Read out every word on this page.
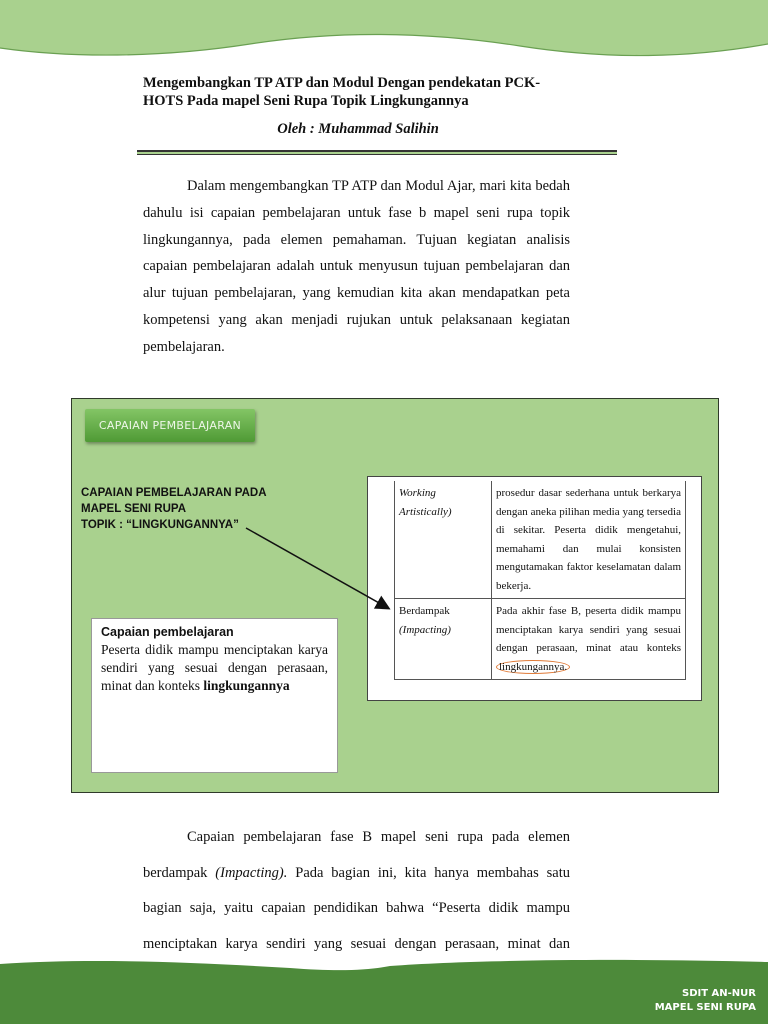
Mengembangkan TP ATP dan Modul Dengan pendekatan PCK-HOTS Pada mapel Seni Rupa Topik Lingkungannya

Oleh : Muhammad Salihin

Dalam mengembangkan TP ATP dan Modul Ajar, mari kita bedah dahulu isi capaian pembelajaran untuk fase b mapel seni rupa topik lingkungannya, pada elemen pemahaman. Tujuan kegiatan analisis capaian pembelajaran adalah untuk menyusun tujuan pembelajaran dan alur tujuan pembelajaran, yang kemudian kita akan mendapatkan peta kompetensi yang akan menjadi rujukan untuk pelaksanaan kegiatan pembelajaran.

CAPAIAN PEMBELAJARAN

CAPAIAN PEMBELAJARAN PADA
MAPEL SENI RUPA
TOPIK : “LINGKUNGANNYA”

Working Artistically)	prosedur dasar sederhana untuk berkarya dengan aneka pilihan media yang tersedia di sekitar. Peserta didik mengetahui, memahami dan mulai konsisten mengutamakan faktor keselamatan dalam bekerja.
Berdampak (Impacting)	Pada akhir fase B, peserta didik mampu menciptakan karya sendiri yang sesuai dengan perasaan, minat atau konteks lingkungannya.

Capaian pembelajaran

Peserta didik mampu menciptakan karya sendiri yang sesuai dengan perasaan, minat dan konteks lingkungannya

Capaian pembelajaran fase B mapel seni rupa pada elemen berdampak (Impacting). Pada bagian ini, kita hanya membahas satu bagian saja, yaitu capaian pendidikan bahwa “Peserta didik mampu menciptakan karya sendiri yang sesuai dengan perasaan, minat dan

SDIT AN-NUR
MAPEL SENI RUPA
